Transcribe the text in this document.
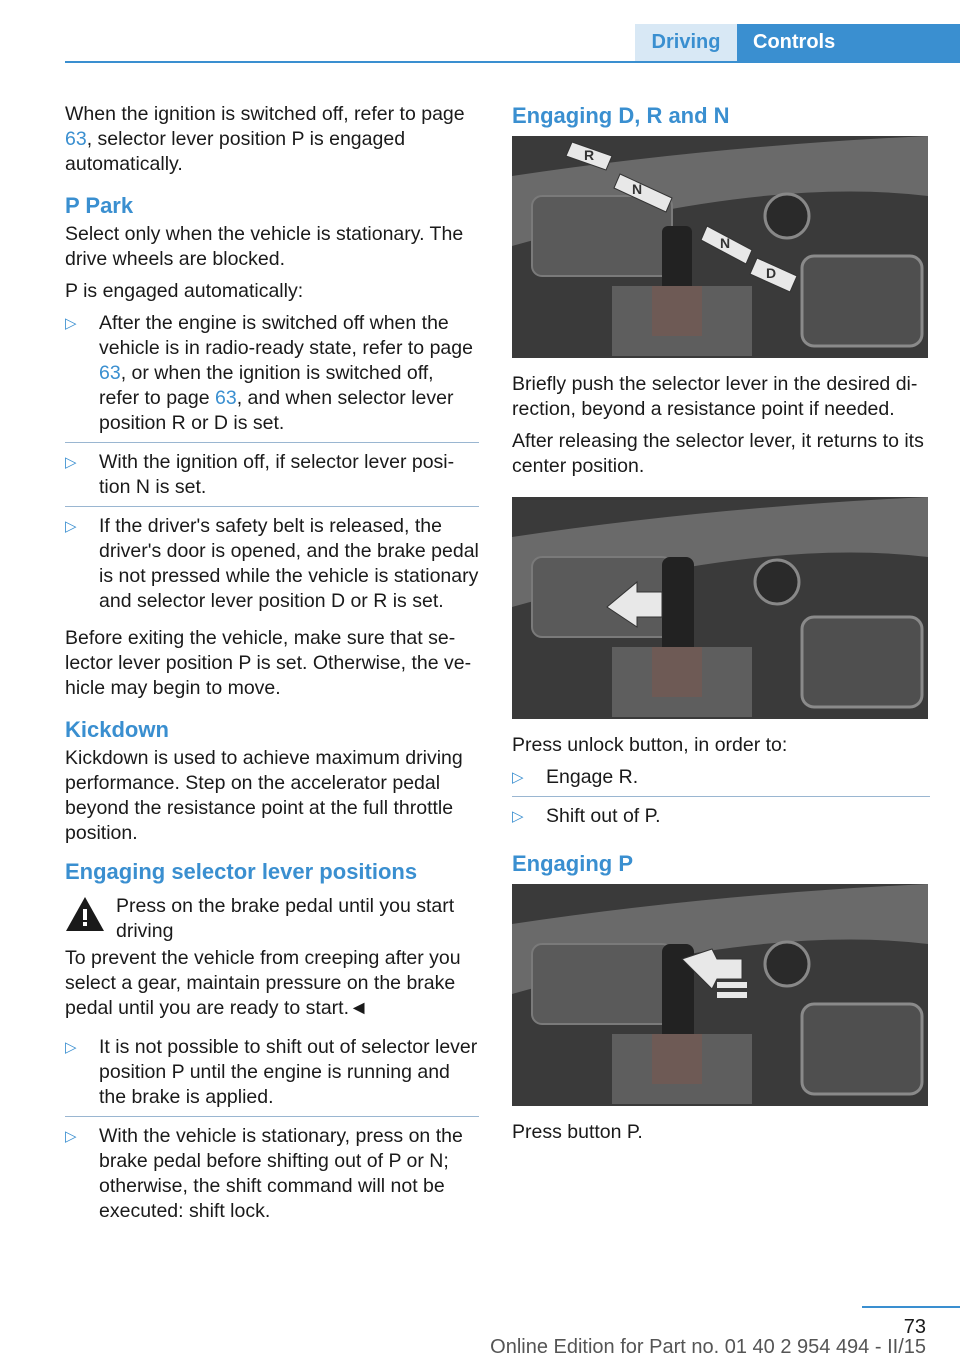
Driving	Controls

When the ignition is switched off, refer to page 63, selector lever position P is engaged automatically.

P Park

Select only when the vehicle is stationary. The drive wheels are blocked.

P is engaged automatically:

▷ After the engine is switched off when the vehicle is in radio-ready state, refer to page 63, or when the ignition is switched off, refer to page 63, and when selector lever position R or D is set.
▷ With the ignition off, if selector lever posi-tion N is set.
▷ If the driver's safety belt is released, the driver's door is opened, and the brake pedal is not pressed while the vehicle is stationary and selector lever position D or R is set.

Before exiting the vehicle, make sure that se-lector lever position P is set. Otherwise, the ve-hicle may begin to move.

Kickdown

Kickdown is used to achieve maximum driving performance. Step on the accelerator pedal beyond the resistance point at the full throttle position.

Engaging selector lever positions
Press on the brake pedal until you start driving

To prevent the vehicle from creeping after you select a gear, maintain pressure on the brake pedal until you are ready to start.◄

▷ It is not possible to shift out of selector lever position P until the engine is running and the brake is applied.
▷ With the vehicle is stationary, press on the brake pedal before shifting out of P or N; otherwise, the shift command will not be executed: shift lock.
Engaging D, R and N
R
N
N
D

Briefly push the selector lever in the desired di-rection, beyond a resistance point if needed.

After releasing the selector lever, it returns to its center position.

Press unlock button, in order to:

▷ Engage R.
▷ Shift out of P.
Engaging P

Press button P.

73
Online Edition for Part no. 01 40 2 954 494 - II/15
